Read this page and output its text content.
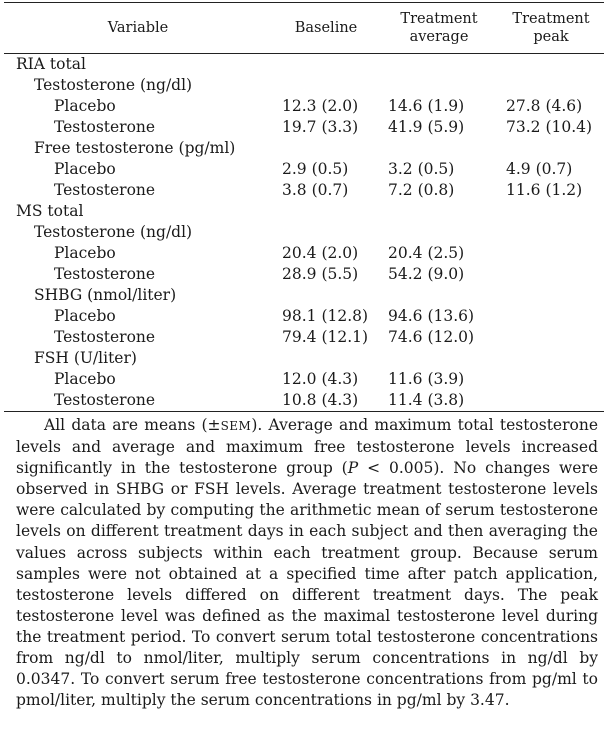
Variable	Baseline	Treatment average	Treatment peak

RIA total			
Testosterone (ng/dl)			
Placebo	12.3 (2.0)	14.6 (1.9)	27.8 (4.6)
Testosterone	19.7 (3.3)	41.9 (5.9)	73.2 (10.4)
Free testosterone (pg/ml)			
Placebo	2.9 (0.5)	3.2 (0.5)	4.9 (0.7)
Testosterone	3.8 (0.7)	7.2 (0.8)	11.6 (1.2)
MS total			
Testosterone (ng/dl)			
Placebo	20.4 (2.0)	20.4 (2.5)	
Testosterone	28.9 (5.5)	54.2 (9.0)	
SHBG (nmol/liter)			
Placebo	98.1 (12.8)	94.6 (13.6)	
Testosterone	79.4 (12.1)	74.6 (12.0)	
FSH (U/liter)			
Placebo	12.0 (4.3)	11.6 (3.9)	
Testosterone	10.8 (4.3)	11.4 (3.8)	

All data are means (±SEM). Average and maximum total testosterone levels and average and maximum free testosterone levels increased significantly in the testosterone group (P < 0.005). No changes were observed in SHBG or FSH levels. Average treatment testosterone levels were calculated by computing the arithmetic mean of serum testosterone levels on different treatment days in each subject and then averaging the values across subjects within each treatment group. Because serum samples were not obtained at a specified time after patch application, testosterone levels differed on different treatment days. The peak testosterone level was defined as the maximal testosterone level during the treatment period. To convert serum total testosterone concentrations from ng/dl to nmol/liter, multiply serum concentrations in ng/dl by 0.0347. To convert serum free testosterone concentrations from pg/ml to pmol/liter, multiply the serum concentrations in pg/ml by 3.47.
